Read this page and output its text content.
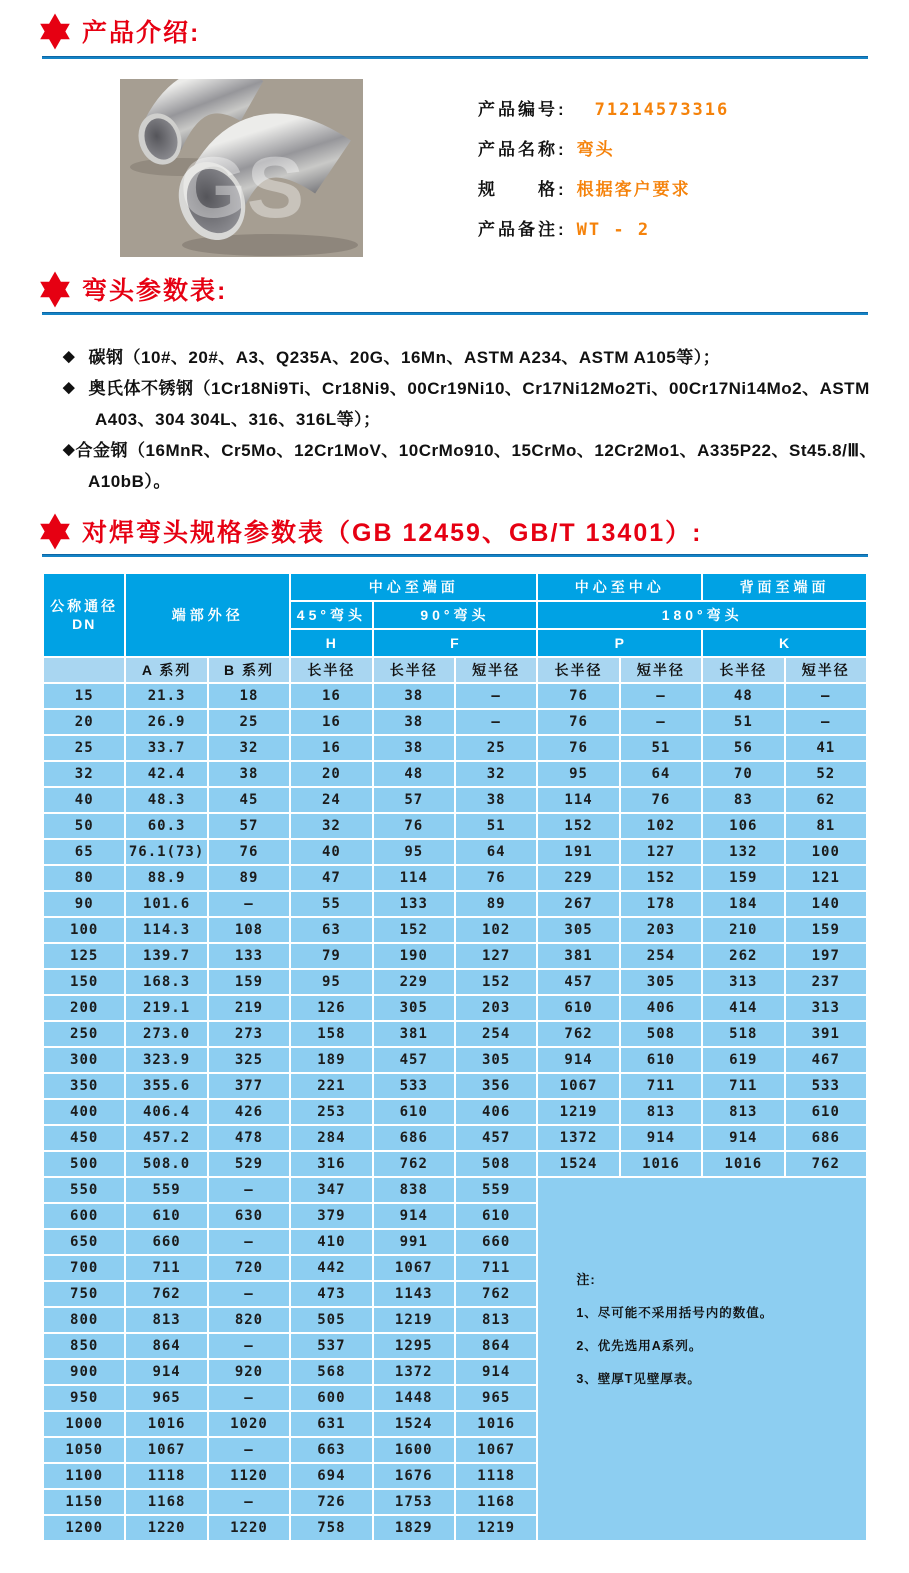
产品介绍:
GS
产品编号: 71214573316
产品名称: 弯头
规　　格: 根据客户要求
产品备注: WT - 2
弯头参数表:
◆ 碳钢（10#、20#、A3、Q235A、20G、16Mn、ASTM A234、ASTM A105等）；
◆ 奥氏体不锈钢（1Cr18Ni9Ti、Cr18Ni9、00Cr19Ni10、Cr17Ni12Mo2Ti、00Cr17Ni14Mo2、ASTM
A403、304 304L、316、316L等）；
◆ 合金钢（16MnR、Cr5Mo、12Cr1MoV、10CrMo910、15CrMo、12Cr2Mo1、A335P22、St45.8/Ⅲ、
A10bB）。
对焊弯头规格参数表（GB 12459、GB/T 13401）:
公称通径
DN	端部外径		中心至端面			中心至中心		背面至端面	
			45°弯头	90°弯头		180°弯头			
			H	F		P		K	
	A 系列	B 系列	长半径	长半径	短半径	长半径	短半径	长半径	短半径
15	21.3	18	16	38	—	76	—	48	—
20	26.9	25	16	38	—	76	—	51	—
25	33.7	32	16	38	25	76	51	56	41
32	42.4	38	20	48	32	95	64	70	52
40	48.3	45	24	57	38	114	76	83	62
50	60.3	57	32	76	51	152	102	106	81
65	76.1(73)	76	40	95	64	191	127	132	100
80	88.9	89	47	114	76	229	152	159	121
90	101.6	—	55	133	89	267	178	184	140
100	114.3	108	63	152	102	305	203	210	159
125	139.7	133	79	190	127	381	254	262	197
150	168.3	159	95	229	152	457	305	313	237
200	219.1	219	126	305	203	610	406	414	313
250	273.0	273	158	381	254	762	508	518	391
300	323.9	325	189	457	305	914	610	619	467
350	355.6	377	221	533	356	1067	711	711	533
400	406.4	426	253	610	406	1219	813	813	610
450	457.2	478	284	686	457	1372	914	914	686
500	508.0	529	316	762	508	1524	1016	1016	762
550	559	—	347	838	559	注:
1、尽可能不采用括号内的数值。
2、优先选用A系列。
3、壁厚T见壁厚表。			

600	610	630	379	914	610				
650	660	—	410	991	660				
700	711	720	442	1067	711				
750	762	—	473	1143	762				
800	813	820	505	1219	813				
850	864	—	537	1295	864				
900	914	920	568	1372	914				
950	965	—	600	1448	965				
1000	1016	1020	631	1524	1016				
1050	1067	—	663	1600	1067				
1100	1118	1120	694	1676	1118				
1150	1168	—	726	1753	1168				
1200	1220	1220	758	1829	1219				
